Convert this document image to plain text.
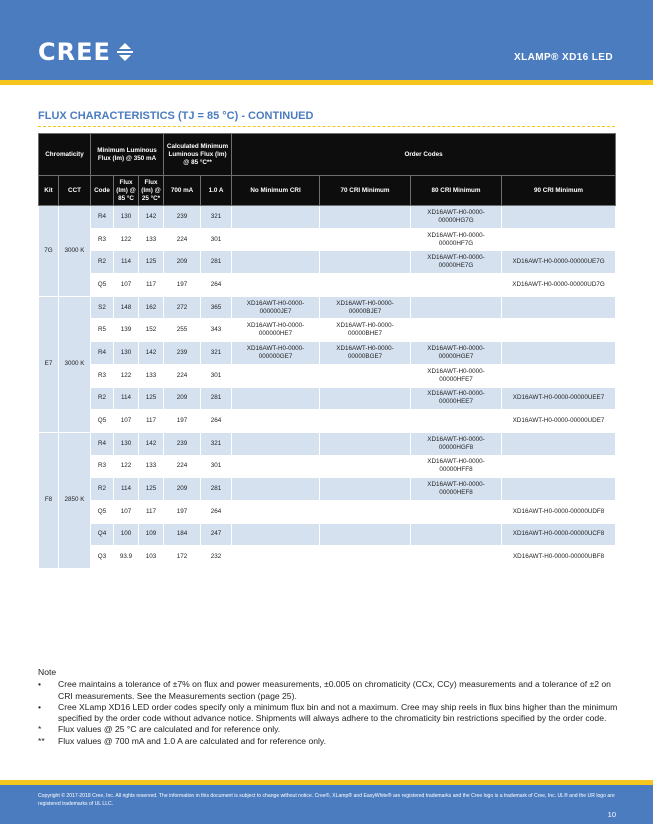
CREE	XLAMP® XD16 LED
FLUX CHARACTERISTICS (TJ = 85 °C) - CONTINUED
Chromaticity		Minimum Luminous Flux (lm) @ 350 mA			Calculated Minimum Luminous Flux (lm) @ 85 °C**		Order Codes			
Kit	CCT	Code	Flux (lm) @ 85 °C	Flux (lm) @ 25 °C*	700 mA	1.0 A	No Minimum CRI	70 CRI Minimum	80 CRI Minimum	90 CRI Minimum
7G	3000 K	R4	130	142	239	321			XD16AWT-H0-0000-00000HG7G	
		R3	122	133	224	301			XD16AWT-H0-0000-00000HF7G	
		R2	114	125	209	281			XD16AWT-H0-0000-00000HE7G	XD16AWT-H0-0000-00000UE7G
		Q5	107	117	197	264				XD16AWT-H0-0000-00000UD7G
E7	3000 K	S2	148	162	272	365	XD16AWT-H0-0000-000000JE7	XD16AWT-H0-0000-00000BJE7		
		R5	139	152	255	343	XD16AWT-H0-0000-000000HE7	XD16AWT-H0-0000-00000BHE7		
		R4	130	142	239	321	XD16AWT-H0-0000-000000GE7	XD16AWT-H0-0000-00000BGE7	XD16AWT-H0-0000-00000HGE7	
		R3	122	133	224	301			XD16AWT-H0-0000-00000HFE7	
		R2	114	125	209	281			XD16AWT-H0-0000-00000HEE7	XD16AWT-H0-0000-00000UEE7
		Q5	107	117	197	264				XD16AWT-H0-0000-00000UDE7
F8	2850 K	R4	130	142	239	321			XD16AWT-H0-0000-00000HGF8	
		R3	122	133	224	301			XD16AWT-H0-0000-00000HFF8	
		R2	114	125	209	281			XD16AWT-H0-0000-00000HEF8	
		Q5	107	117	197	264				XD16AWT-H0-0000-00000UDF8
		Q4	100	109	184	247				XD16AWT-H0-0000-00000UCF8
		Q3	93.9	103	172	232				XD16AWT-H0-0000-00000UBF8
Note
•	Cree maintains a tolerance of ±7% on flux and power measurements, ±0.005 on chromaticity (CCx, CCy) measurements and a tolerance of ±2 on CRI measurements. See the Measurements section (page 25).
•	Cree XLamp XD16 LED order codes specify only a minimum flux bin and not a maximum. Cree may ship reels in flux bins higher than the minimum specified by the order code without advance notice. Shipments will always adhere to the chromaticity bin restrictions specified by the order code.
*	Flux values @ 25 °C are calculated and for reference only.
**	Flux values @ 700 mA and 1.0 A are calculated and for reference only.
Copyright © 2017-2018 Cree, Inc. All rights reserved. The information in this document is subject to change without notice. Cree®, XLamp® and EasyWhite® are registered trademarks and the Cree logo is a trademark of Cree, Inc. UL® and the UR logo are registered trademarks of UL LLC.
10
